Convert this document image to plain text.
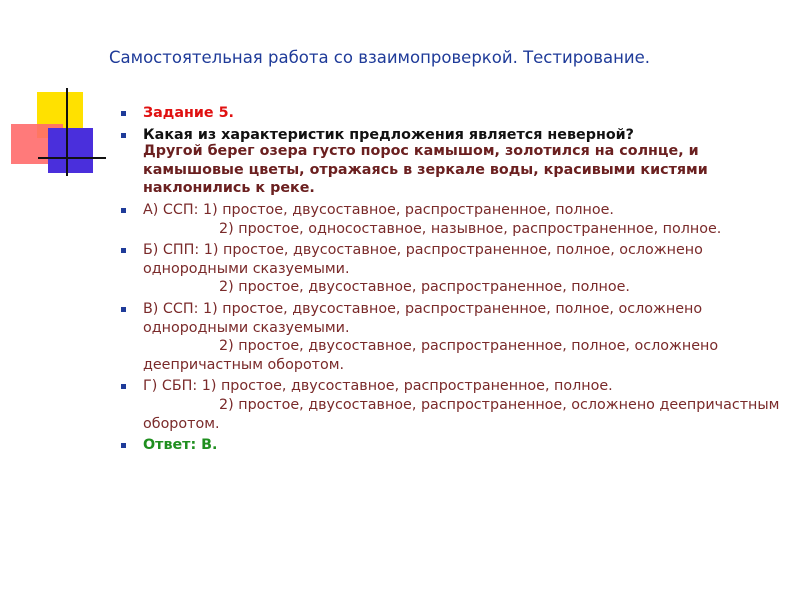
Самостоятельная работа со взаимопроверкой. Тестирование.
Задание 5.
Какая из характеристик предложения является неверной?
Другой берег озера густо порос камышом, золотился на солнце, и камышовые цветы, отражаясь в зеркале воды, красивыми кистями наклонились к реке.
А) ССП: 1) простое, двусоставное, распространенное, полное.
2) простое, односоставное, назывное, распространенное, полное.
Б) СПП: 1) простое, двусоставное, распространенное, полное, осложнено однородными сказуемыми.
2) простое, двусоставное, распространенное, полное.
В) ССП: 1) простое, двусоставное, распространенное, полное, осложнено однородными сказуемыми.
2) простое, двусоставное, распространенное, полное, осложнено деепричастным оборотом.
Г) СБП: 1) простое, двусоставное, распространенное, полное.
2) простое, двусоставное, распространенное, осложнено деепричастным оборотом.
Ответ: В.
